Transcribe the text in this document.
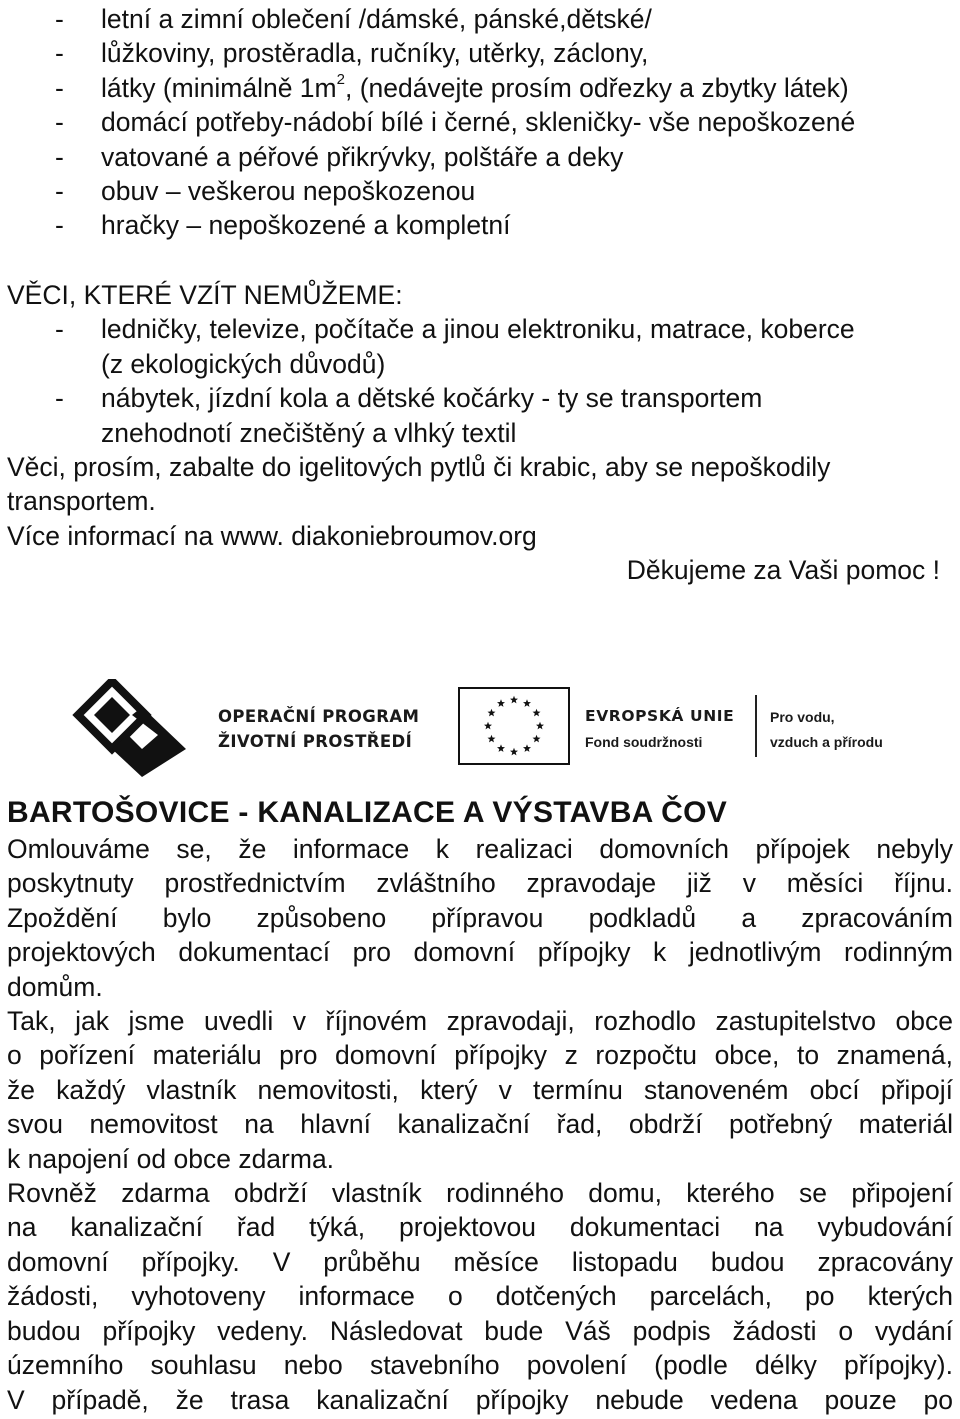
-	letní a zimní oblečení /dámské, pánské,dětské/
-	lůžkoviny, prostěradla, ručníky, utěrky, záclony,
-	látky (minimálně $1m^2$, (nedávejte prosím odřezky a zbytky látek)
-	domácí potřeby-nádobí bílé i černé, skleničky- vše nepoškozené
-	vatované a péřové přikrývky, polštáře a deky
-	obuv – veškerou nepoškozenou
-	hračky – nepoškozené a kompletní
VĚCI, KTERÉ VZÍT NEMŮŽEME:
-	ledničky, televize, počítače a jinou elektroniku, matrace, koberce
(z ekologických důvodů)
-	nábytek, jízdní kola a dětské kočárky - ty se transportem
znehodnotí znečištěný a vlhký textil
Věci, prosím, zabalte do igelitových pytlů či krabic, aby se nepoškodily
transportem.
Více informací na www. diakoniebroumov.org
Děkujeme za Vaši pomoc !
OPERAČNÍ PROGRAM
ŽIVOTNÍ PROSTŘEDÍ
EVROPSKÁ UNIE
Fond soudržnosti
Pro vodu,
vzduch a přírodu
BARTOŠOVICE - KANALIZACE A VÝSTAVBA ČOV
Omlouváme se, že informace k realizaci domovních přípojek nebyly
poskytnuty prostřednictvím zvláštního zpravodaje již v měsíci říjnu.
Zpoždění bylo způsobeno přípravou podkladů a zpracováním
projektových dokumentací pro domovní přípojky k jednotlivým rodinným
domům.
Tak, jak jsme uvedli v říjnovém zpravodaji, rozhodlo zastupitelstvo obce
o pořízení materiálu pro domovní přípojky z rozpočtu obce, to znamená,
že každý vlastník nemovitosti, který v termínu stanoveném obcí připojí
svou nemovitost na hlavní kanalizační řad, obdrží potřebný materiál
k napojení od obce zdarma.
Rovněž zdarma obdrží vlastník rodinného domu, kterého se připojení
na kanalizační řad týká, projektovou dokumentaci na vybudování
domovní přípojky. V průběhu měsíce listopadu budou zpracovány
žádosti, vyhotoveny informace o dotčených parcelách, po kterých
budou přípojky vedeny. Následovat bude Váš podpis žádosti o vydání
územního souhlasu nebo stavebního povolení (podle délky přípojky).
V případě, že trasa kanalizační přípojky nebude vedena pouze po
